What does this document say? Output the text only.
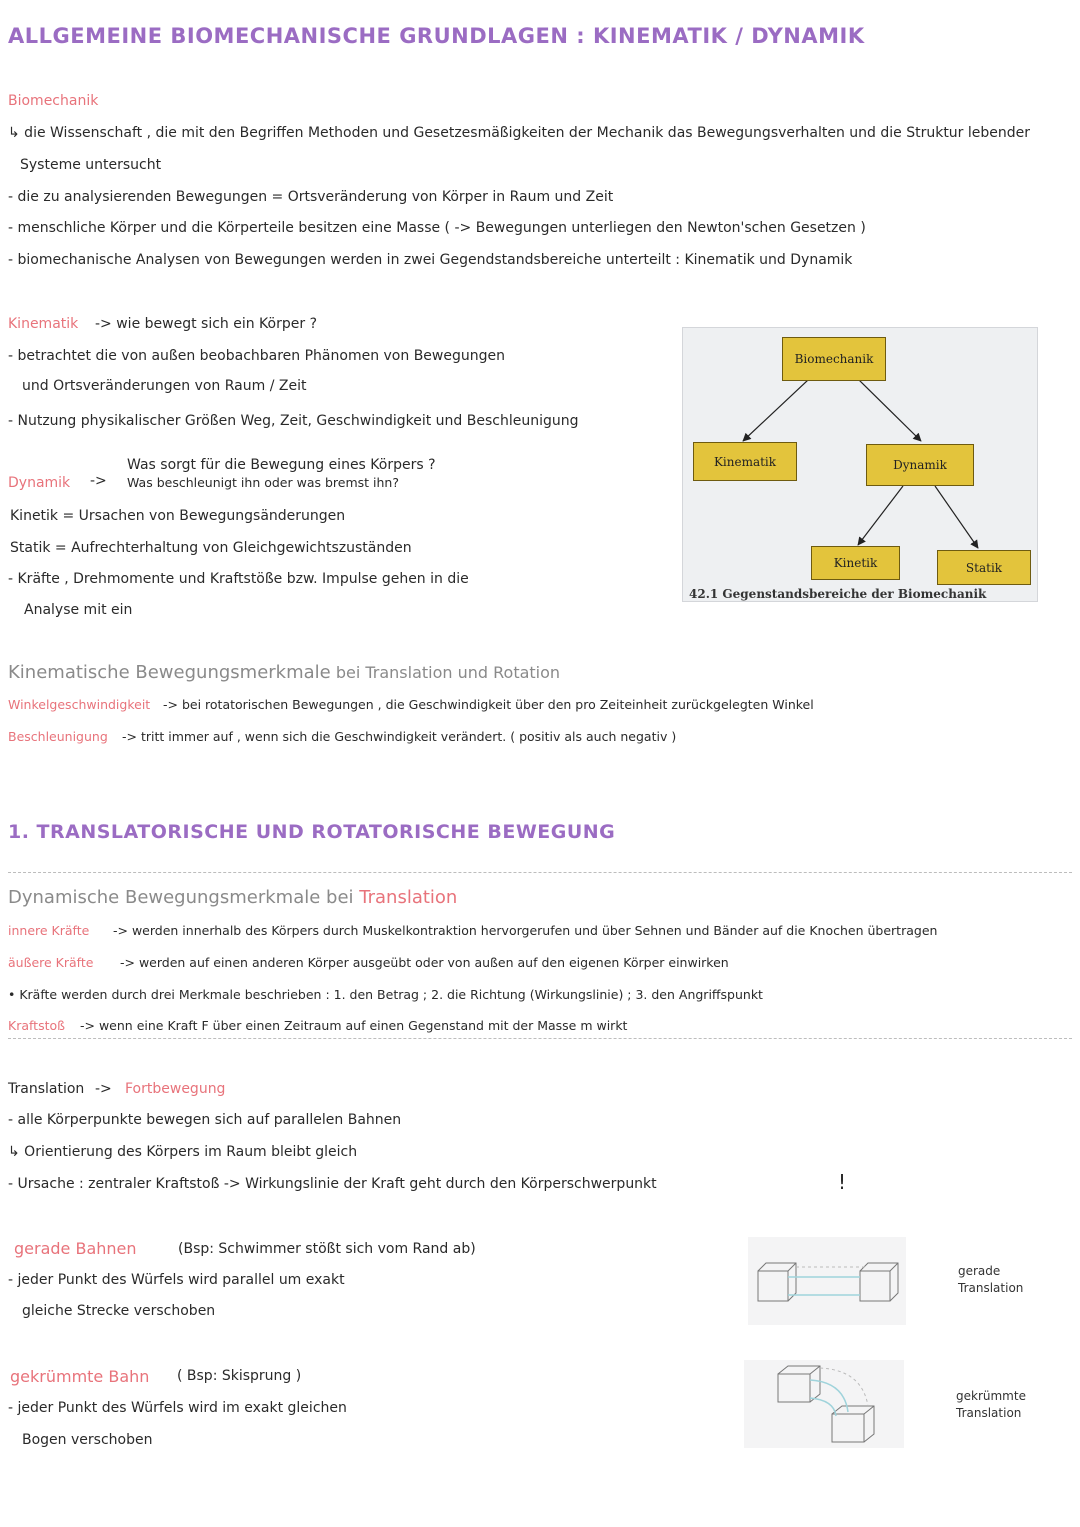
ALLGEMEINE BIOMECHANISCHE GRUNDLAGEN : KINEMATIK / DYNAMIK
Biomechanik
↳ die Wissenschaft , die mit den Begriffen Methoden und Gesetzesmäßigkeiten der Mechanik das Bewegungsverhalten und die Struktur lebender
Systeme untersucht
- die zu analysierenden Bewegungen = Ortsveränderung von Körper in Raum und Zeit
- menschliche Körper und die Körperteile besitzen eine Masse ( -> Bewegungen unterliegen den Newton'schen Gesetzen )
- biomechanische Analysen von Bewegungen werden in zwei Gegendstandsbereiche unterteilt : Kinematik und Dynamik
Kinematik -> wie bewegt sich ein Körper ?
- betrachtet die von außen beobachbaren Phänomen von Bewegungen
und Ortsveränderungen von Raum / Zeit
- Nutzung physikalischer Größen Weg, Zeit, Geschwindigkeit und Beschleunigung
Was sorgt für die Bewegung eines Körpers ?
Dynamik -> Was beschleunigt ihn oder was bremst ihn?
Kinetik = Ursachen von Bewegungsänderungen
Statik = Aufrechterhaltung von Gleichgewichtszuständen
- Kräfte , Drehmomente und Kraftstöße bzw. Impulse gehen in die
Analyse mit ein
Biomechanik
Kinematik	Dynamik
Kinetik	Statik
42.1 Gegenstandsbereiche der Biomechanik
Kinematische Bewegungsmerkmale bei Translation und Rotation
Winkelgeschwindigkeit -> bei rotatorischen Bewegungen , die Geschwindigkeit über den pro Zeiteinheit zurückgelegten Winkel
Beschleunigung -> tritt immer auf , wenn sich die Geschwindigkeit verändert. ( positiv als auch negativ )
1. TRANSLATORISCHE UND ROTATORISCHE BEWEGUNG
Dynamische Bewegungsmerkmale bei Translation
innere Kräfte -> werden innerhalb des Körpers durch Muskelkontraktion hervorgerufen und über Sehnen und Bänder auf die Knochen übertragen
äußere Kräfte -> werden auf einen anderen Körper ausgeübt oder von außen auf den eigenen Körper einwirken
• Kräfte werden durch drei Merkmale beschrieben : 1. den Betrag ; 2. die Richtung (Wirkungslinie) ; 3. den Angriffspunkt
Kraftstoß -> wenn eine Kraft F über einen Zeitraum auf einen Gegenstand mit der Masse m wirkt
Translation -> Fortbewegung
- alle Körperpunkte bewegen sich auf parallelen Bahnen
↳ Orientierung des Körpers im Raum bleibt gleich
- Ursache : zentraler Kraftstoß -> Wirkungslinie der Kraft geht durch den Körperschwerpunkt	!
gerade Bahnen	(Bsp: Schwimmer stößt sich vom Rand ab)
- jeder Punkt des Würfels wird parallel um exakt
gleiche Strecke verschoben
gerade
Translation
gekrümmte Bahn ( Bsp: Skisprung )
- jeder Punkt des Würfels wird im exakt gleichen
Bogen verschoben
gekrümmte
Translation
